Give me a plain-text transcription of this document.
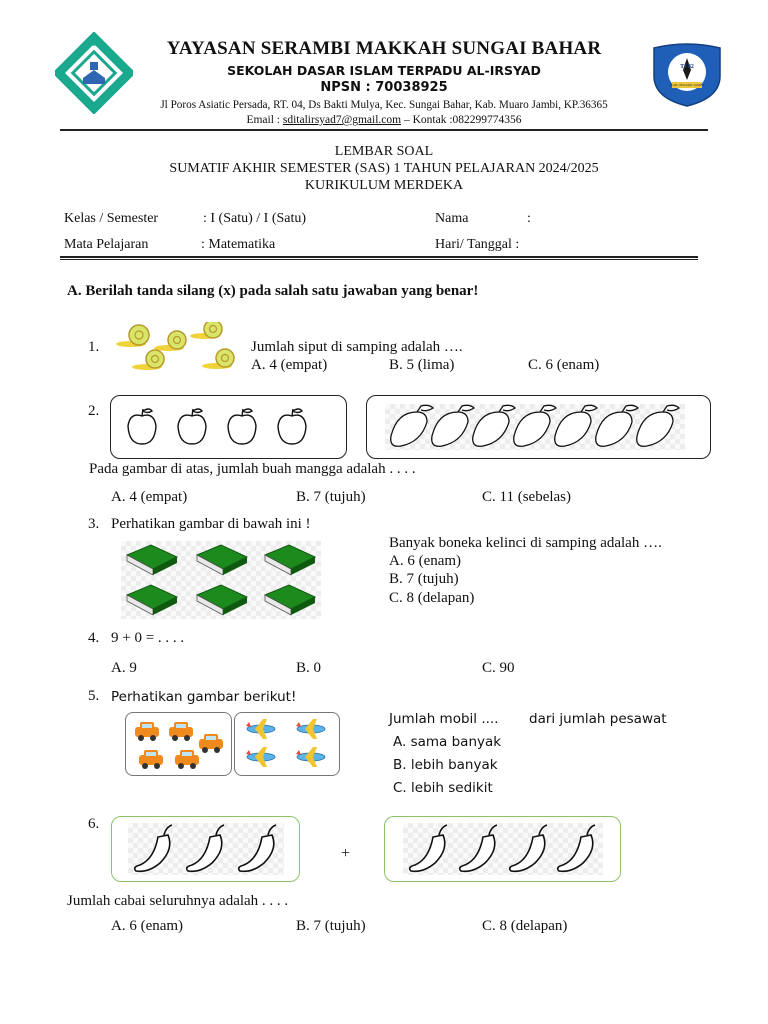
YAYASAN SERAMBI MAKKAH SUNGAI BAHAR
SEKOLAH DASAR ISLAM TERPADU AL-IRSYAD
NPSN : 70038925
Jl Poros Asiatic Persada, RT. 04, Ds Bakti Mulya, Kec. Sungai Bahar, Kab. Muaro Jambi, KP.36365
Email : sditalirsyad7@gmail.com – Kontak :082299774356
TI 82
KAB. MUARO JAMBI
LEMBAR SOAL
SUMATIF AKHIR SEMESTER (SAS) 1 TAHUN PELAJARAN 2024/2025
KURIKULUM MERDEKA
Kelas / Semester	: I (Satu) / I (Satu)	Nama	:
Mata Pelajaran	: Matematika	Hari/ Tanggal :
A. Berilah tanda silang (x) pada salah satu jawaban yang benar!
1.	Jumlah siput di samping adalah ….
A. 4 (empat)	B. 5 (lima)	C. 6 (enam)
2.
Pada gambar di atas, jumlah buah mangga adalah . . . .
A. 4 (empat)	B. 7 (tujuh)	C. 11 (sebelas)
3. Perhatikan gambar di bawah ini !
Banyak boneka kelinci di samping adalah ….
A. 6 (enam)
B. 7 (tujuh)
C. 8 (delapan)
4. 9 + 0 = . . . .
A. 9	B. 0	C. 90
5. Perhatikan gambar berikut!
Jumlah mobil .... dari jumlah pesawat
A. sama banyak
B. lebih banyak
C. lebih sedikit
6.
+
Jumlah cabai seluruhnya adalah . . . .
A. 6 (enam)	B. 7 (tujuh)	C. 8 (delapan)
